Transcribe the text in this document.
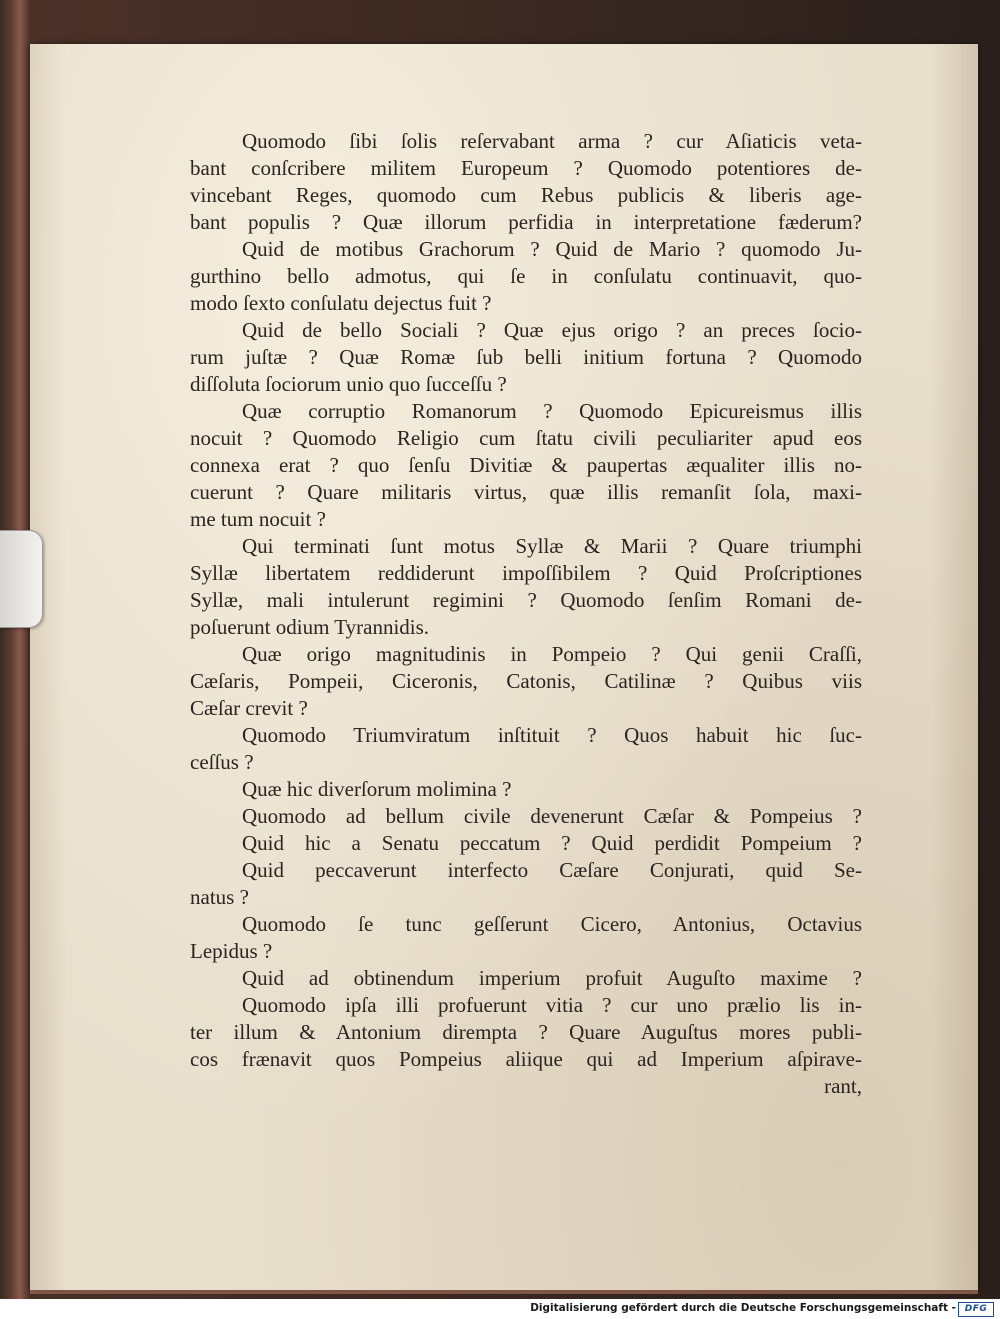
Quomodo ſibi ſolis reſervabant arma ? cur Aſiaticis veta-
bant conſcribere militem Europeum ? Quomodo potentiores de-
vincebant Reges, quomodo cum Rebus publicis & liberis age-
bant populis ? Quæ illorum perfidia in interpretatione fæderum?
Quid de motibus Grachorum ? Quid de Mario ? quomodo Ju-
gurthino bello admotus, qui ſe in conſulatu continuavit, quo-
modo ſexto conſulatu dejectus fuit ?
Quid de bello Sociali ? Quæ ejus origo ? an preces ſocio-
rum juſtæ ? Quæ Romæ ſub belli initium fortuna ? Quomodo
diſſoluta ſociorum unio quo ſucceſſu ?
Quæ corruptio Romanorum ? Quomodo Epicureismus illis
nocuit ? Quomodo Religio cum ſtatu civili peculiariter apud eos
connexa erat ? quo ſenſu Divitiæ & paupertas æqualiter illis no-
cuerunt ? Quare militaris virtus, quæ illis remanſit ſola, maxi-
me tum nocuit ?
Qui terminati ſunt motus Syllæ & Marii ? Quare triumphi
Syllæ libertatem reddiderunt impoſſibilem ? Quid Proſcriptiones
Syllæ, mali intulerunt regimini ? Quomodo ſenſim Romani de-
poſuerunt odium Tyrannidis.
Quæ origo magnitudinis in Pompeio ? Qui genii Craſſi,
Cæſaris, Pompeii, Ciceronis, Catonis, Catilinæ ? Quibus viis
Cæſar crevit ?
Quomodo Triumviratum inſtituit ? Quos habuit hic ſuc-
ceſſus ?
Quæ hic diverſorum molimina ?
Quomodo ad bellum civile devenerunt Cæſar & Pompeius ?
Quid hic a Senatu peccatum ? Quid perdidit Pompeium ?
Quid peccaverunt interfecto Cæſare Conjurati, quid Se-
natus ?
Quomodo ſe tunc geſſerunt Cicero, Antonius, Octavius
Lepidus ?
Quid ad obtinendum imperium profuit Auguſto maxime ?
Quomodo ipſa illi profuerunt vitia ? cur uno prælio lis in-
ter illum & Antonium dirempta ? Quare Auguſtus mores publi-
cos frænavit quos Pompeius aliique qui ad Imperium aſpirave-
rant,
Digitalisierung gefördert durch die Deutsche Forschungsgemeinschaft - DFG
